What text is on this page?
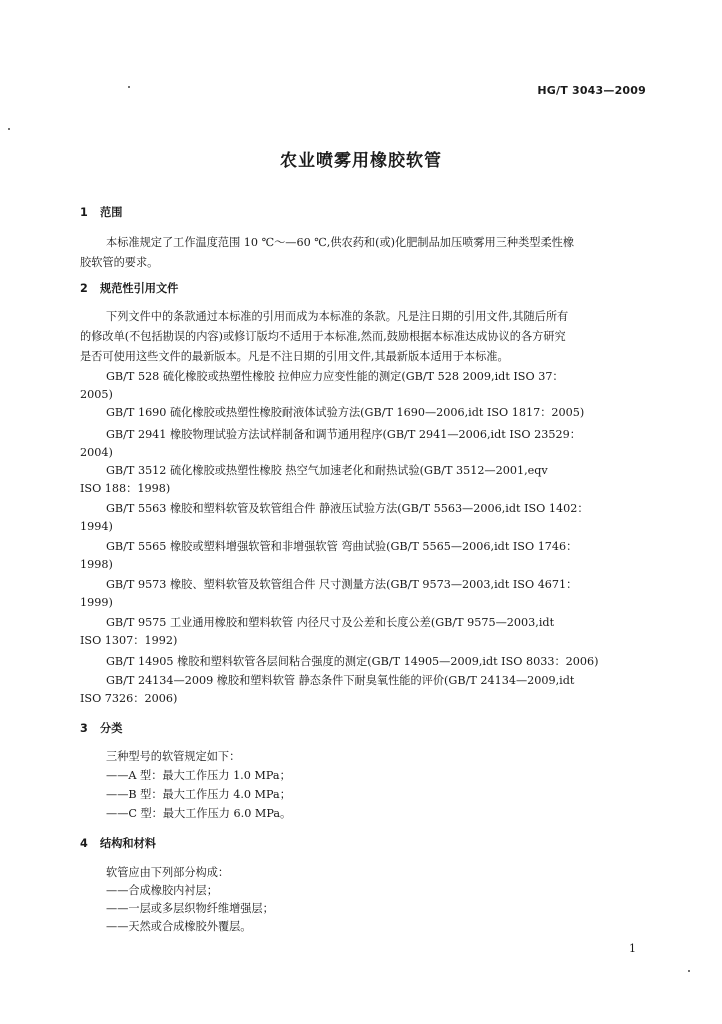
HG/T 3043—2009
农业喷雾用橡胶软管
1 范围
本标准规定了工作温度范围 10 ℃～—60 ℃,供农药和(或)化肥制品加压喷雾用三种类型柔性橡
胶软管的要求。
2 规范性引用文件
下列文件中的条款通过本标准的引用而成为本标准的条款。凡是注日期的引用文件,其随后所有
的修改单(不包括勘误的内容)或修订版均不适用于本标准,然而,鼓励根据本标准达成协议的各方研究
是否可使用这些文件的最新版本。凡是不注日期的引用文件,其最新版本适用于本标准。
GB/T 528 硫化橡胶或热塑性橡胶 拉伸应力应变性能的测定(GB/T 528 2009,idt ISO 37：
2005)
GB/T 1690 硫化橡胶或热塑性橡胶耐液体试验方法(GB/T 1690—2006,idt ISO 1817：2005)
GB/T 2941 橡胶物理试验方法试样制备和调节通用程序(GB/T 2941—2006,idt ISO 23529：
2004)
GB/T 3512 硫化橡胶或热塑性橡胶 热空气加速老化和耐热试验(GB/T 3512—2001,eqv
ISO 188：1998)
GB/T 5563 橡胶和塑料软管及软管组合件 静液压试验方法(GB/T 5563—2006,idt ISO 1402：
1994)
GB/T 5565 橡胶或塑料增强软管和非增强软管 弯曲试验(GB/T 5565—2006,idt ISO 1746：
1998)
GB/T 9573 橡胶、塑料软管及软管组合件 尺寸测量方法(GB/T 9573—2003,idt ISO 4671：
1999)
GB/T 9575 工业通用橡胶和塑料软管 内径尺寸及公差和长度公差(GB/T 9575—2003,idt
ISO 1307：1992)
GB/T 14905 橡胶和塑料软管各层间粘合强度的测定(GB/T 14905—2009,idt ISO 8033：2006)
GB/T 24134—2009 橡胶和塑料软管 静态条件下耐臭氧性能的评价(GB/T 24134—2009,idt
ISO 7326：2006)
3 分类
三种型号的软管规定如下：
——A 型：最大工作压力 1.0 MPa；
——B 型：最大工作压力 4.0 MPa；
——C 型：最大工作压力 6.0 MPa。
4 结构和材料
软管应由下列部分构成：
——合成橡胶内衬层；
——一层或多层织物纤维增强层；
——天然或合成橡胶外覆层。
1
